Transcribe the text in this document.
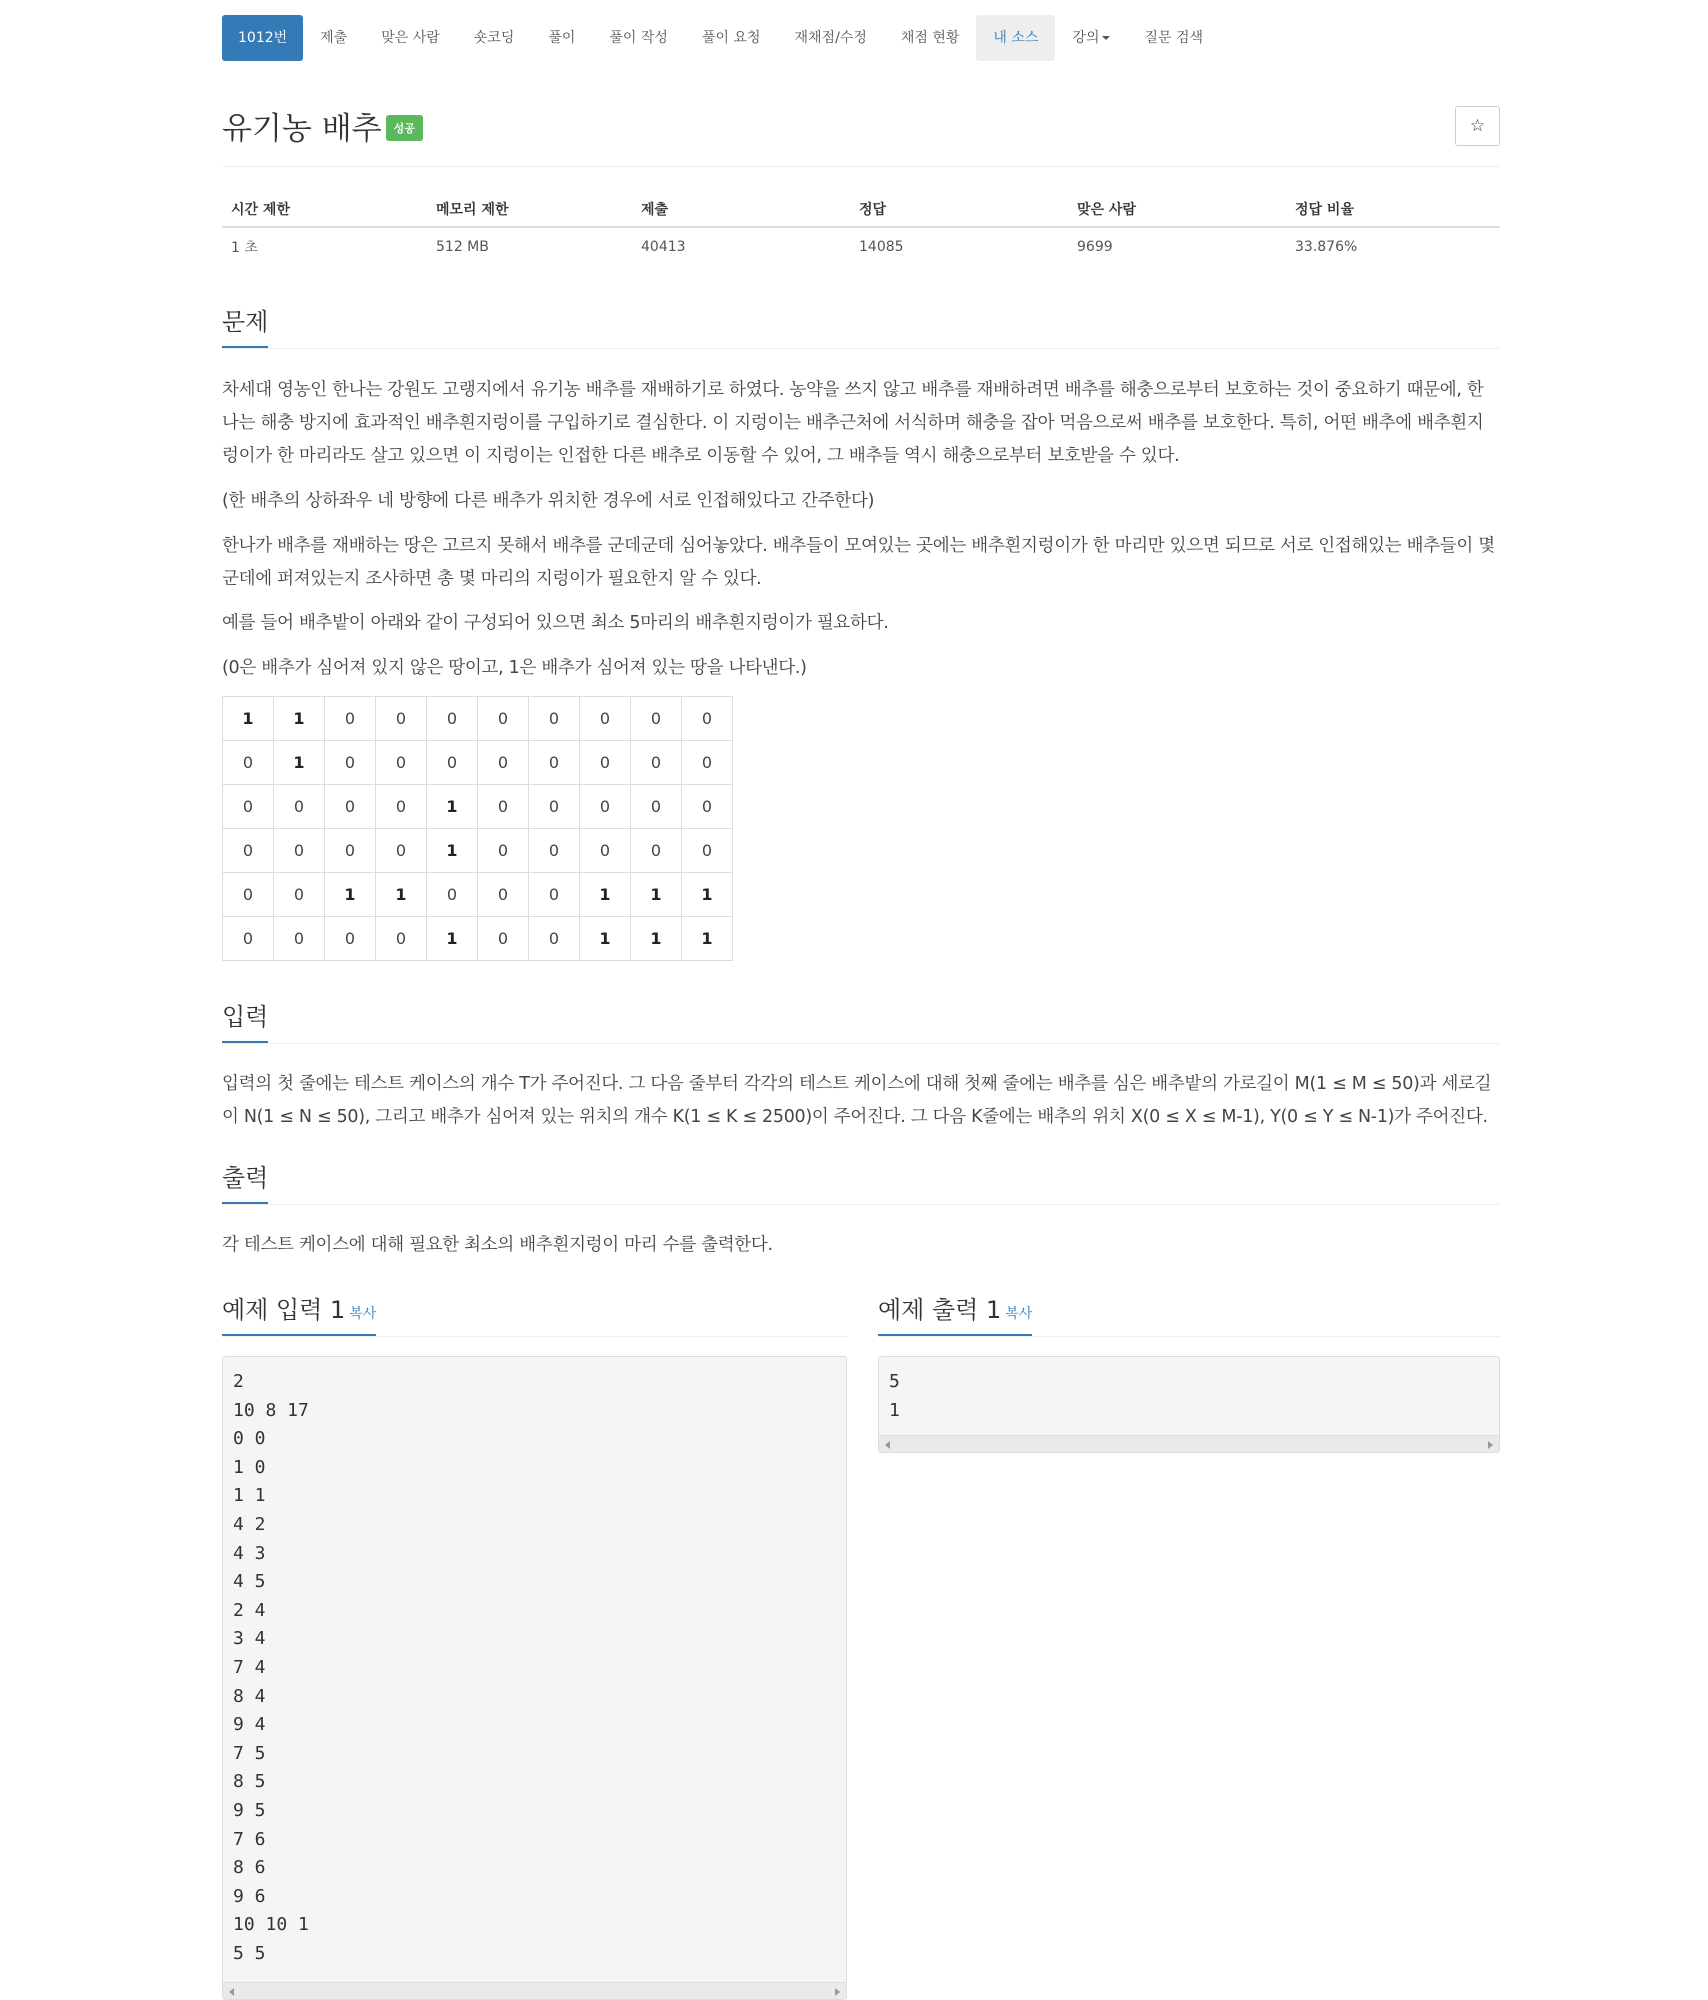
1012번	제출	맞은 사람	숏코딩	풀이	풀이 작성	풀이 요청	재채점/수정	채점 현황	내 소스	강의	질문 검색
유기농 배추 성공	☆
시간 제한	메모리 제한	제출	정답	맞은 사람	정답 비율
1 초	512 MB	40413	14085	9699	33.876%
문제
차세대 영농인 한나는 강원도 고랭지에서 유기농 배추를 재배하기로 하였다. 농약을 쓰지 않고 배추를 재배하려면 배추를 해충으로부터 보호하는 것이 중요하기 때문에, 한나는 해충 방지에 효과적인 배추흰지렁이를 구입하기로 결심한다. 이 지렁이는 배추근처에 서식하며 해충을 잡아 먹음으로써 배추를 보호한다. 특히, 어떤 배추에 배추흰지렁이가 한 마리라도 살고 있으면 이 지렁이는 인접한 다른 배추로 이동할 수 있어, 그 배추들 역시 해충으로부터 보호받을 수 있다.
(한 배추의 상하좌우 네 방향에 다른 배추가 위치한 경우에 서로 인접해있다고 간주한다)
한나가 배추를 재배하는 땅은 고르지 못해서 배추를 군데군데 심어놓았다. 배추들이 모여있는 곳에는 배추흰지렁이가 한 마리만 있으면 되므로 서로 인접해있는 배추들이 몇 군데에 퍼져있는지 조사하면 총 몇 마리의 지렁이가 필요한지 알 수 있다.
예를 들어 배추밭이 아래와 같이 구성되어 있으면 최소 5마리의 배추흰지렁이가 필요하다.
(0은 배추가 심어져 있지 않은 땅이고, 1은 배추가 심어져 있는 땅을 나타낸다.)
1	1	0	0	0	0	0	0	0	0
0	1	0	0	0	0	0	0	0	0
0	0	0	0	1	0	0	0	0	0
0	0	0	0	1	0	0	0	0	0
0	0	1	1	0	0	0	1	1	1
0	0	0	0	1	0	0	1	1	1
입력
입력의 첫 줄에는 테스트 케이스의 개수 T가 주어진다. 그 다음 줄부터 각각의 테스트 케이스에 대해 첫째 줄에는 배추를 심은 배추밭의 가로길이 M(1 ≤ M ≤ 50)과 세로길이 N(1 ≤ N ≤ 50), 그리고 배추가 심어져 있는 위치의 개수 K(1 ≤ K ≤ 2500)이 주어진다. 그 다음 K줄에는 배추의 위치 X(0 ≤ X ≤ M-1), Y(0 ≤ Y ≤ N-1)가 주어진다.
출력
각 테스트 케이스에 대해 필요한 최소의 배추흰지렁이 마리 수를 출력한다.
예제 입력 1 복사
2
10 8 17
0 0
1 0
1 1
4 2
4 3
4 5
2 4
3 4
7 4
8 4
9 4
7 5
8 5
9 5
7 6
8 6
9 6
10 10 1
5 5
예제 출력 1 복사
5
1
